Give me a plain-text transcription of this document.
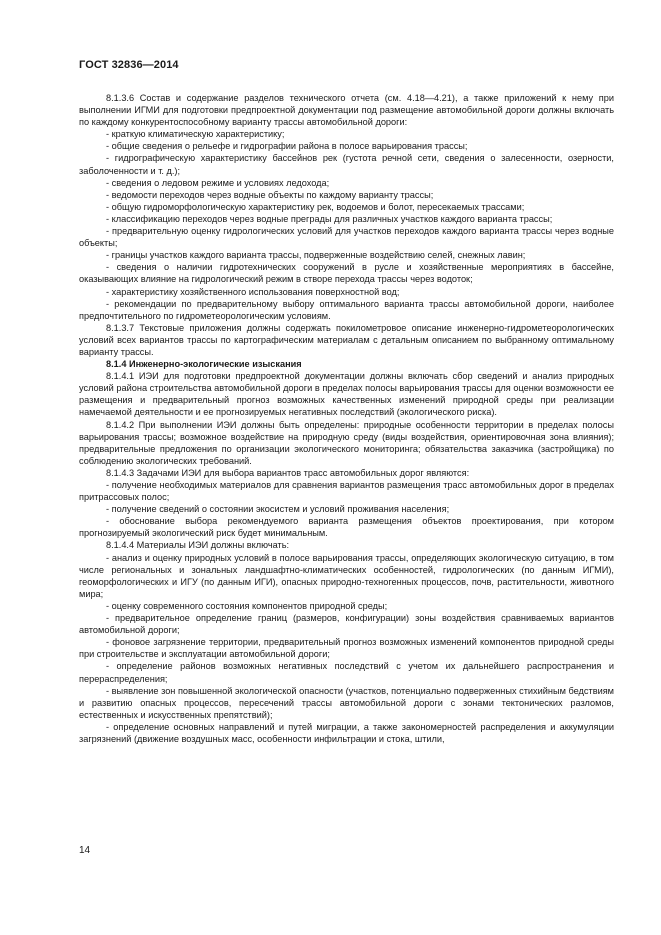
ГОСТ 32836—2014

8.1.3.6 Состав и содержание разделов технического отчета (см. 4.18—4.21), а также приложений к нему при выполнении ИГМИ для подготовки предпроектной документации под размещение автомобильной дороги должны включать по каждому конкурентоспособному варианту трассы автомобильной дороги:

- краткую климатическую характеристику;

- общие сведения о рельефе и гидрографии района в полосе варьирования трассы;

- гидрографическую характеристику бассейнов рек (густота речной сети, сведения о залесенности, озерности, заболоченности и т. д.);

- сведения о ледовом режиме и условиях ледохода;

- ведомости переходов через водные объекты по каждому варианту трассы;

- общую гидроморфологическую характеристику рек, водоемов и болот, пересекаемых трассами;

- классификацию переходов через водные преграды для различных участков каждого варианта трассы;

- предварительную оценку гидрологических условий для участков переходов каждого варианта трассы через водные объекты;

- границы участков каждого варианта трассы, подверженные воздействию селей, снежных лавин;

- сведения о наличии гидротехнических сооружений в русле и хозяйственные мероприятиях в бассейне, оказывающих влияние на гидрологический режим в створе перехода трассы через водоток;

- характеристику хозяйственного использования поверхностной вод;

- рекомендации по предварительному выбору оптимального варианта трассы автомобильной дороги, наиболее предпочтительного по гидрометеорологическим условиям.

8.1.3.7 Текстовые приложения должны содержать покилометровое описание инженерно-гидрометеорологических условий всех вариантов трассы по картографическим материалам с детальным описанием по выбранному оптимальному варианту трассы.

8.1.4 Инженерно-экологические изыскания

8.1.4.1 ИЭИ для подготовки предпроектной документации должны включать сбор сведений и анализ природных условий района строительства автомобильной дороги в пределах полосы варьирования трассы для оценки возможности ее размещения и предварительный прогноз возможных качественных изменений природной среды при реализации намечаемой деятельности и ее прогнозируемых негативных последствий (экологического риска).

8.1.4.2 При выполнении ИЭИ должны быть определены: природные особенности территории в пределах полосы варьирования трассы; возможное воздействие на природную среду (виды воздействия, ориентировочная зона влияния); предварительные предложения по организации экологического мониторинга; обязательства заказчика (застройщика) по соблюдению экологических требований.

8.1.4.3 Задачами ИЭИ для выбора вариантов трасс автомобильных дорог являются:

- получение необходимых материалов для сравнения вариантов размещения трасс автомобильных дорог в пределах притрассовых полос;

- получение сведений о состоянии экосистем и условий проживания населения;

- обоснование выбора рекомендуемого варианта размещения объектов проектирования, при котором прогнозируемый экологический риск будет минимальным.

8.1.4.4 Материалы ИЭИ должны включать:

- анализ и оценку природных условий в полосе варьирования трассы, определяющих экологическую ситуацию, в том числе региональных и зональных ландшафтно-климатических особенностей, гидрологических (по данным ИГМИ), геоморфологических и ИГУ (по данным ИГИ), опасных природно-техногенных процессов, почв, растительности, животного мира;

- оценку современного состояния компонентов природной среды;

- предварительное определение границ (размеров, конфигурации) зоны воздействия сравниваемых вариантов автомобильной дороги;

- фоновое загрязнение территории, предварительный прогноз возможных изменений компонентов природной среды при строительстве и эксплуатации автомобильной дороги;

- определение районов возможных негативных последствий с учетом их дальнейшего распространения и перераспределения;

- выявление зон повышенной экологической опасности (участков, потенциально подверженных стихийным бедствиям и развитию опасных процессов, пересечений трассы автомобильной дороги с зонами тектонических разломов, естественных и искусственных препятствий);

- определение основных направлений и путей миграции, а также закономерностей распределения и аккумуляции загрязнений (движение воздушных масс, особенности инфильтрации и стока, штили,

14
